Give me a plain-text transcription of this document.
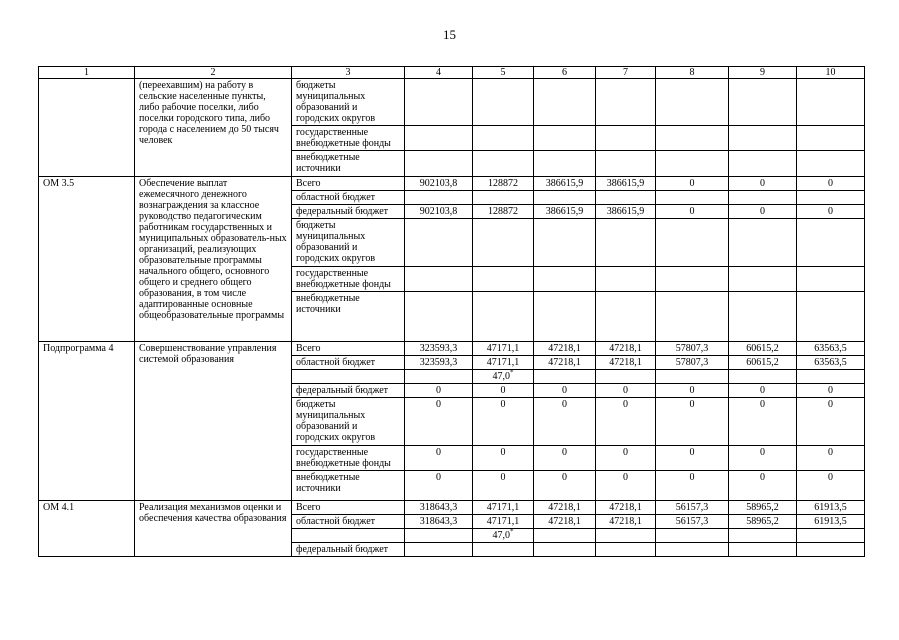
15
1	2	3	4	5	6	7	8	9	10
	(переехавшим) на работу в сельские населенные пункты, либо рабочие поселки, либо поселки городского типа, либо города с населением до 50 тысяч человек	бюджеты муниципальных образований и городских округов							
		государственные внебюджетные фонды							
		внебюджетные источники							
ОМ 3.5	Обеспечение выплат ежемесячного денежного вознаграждения за классное руководство педагогическим работникам государственных и муниципальных образователь-ных организаций, реализующих образовательные программы начального общего, основного общего и среднего общего образования, в том числе адаптированные основные общеобразовательные программы	Всего	902103,8	128872	386615,9	386615,9	0	0	0
		областной бюджет							
		федеральный бюджет	902103,8	128872	386615,9	386615,9	0	0	0
		бюджеты муниципальных образований и городских округов							
		государственные внебюджетные фонды							
		внебюджетные источники							
Подпрограмма 4	Совершенствование управления системой образования	Всего	323593,3	47171,1	47218,1	47218,1	57807,3	60615,2	63563,5
		областной бюджет	323593,3	47171,1	47218,1	47218,1	57807,3	60615,2	63563,5
				47,0*					
		федеральный бюджет	0	0	0	0	0	0	0
		бюджеты муниципальных образований и городских округов	0	0	0	0	0	0	0
		государственные внебюджетные фонды	0	0	0	0	0	0	0
		внебюджетные источники	0	0	0	0	0	0	0
ОМ 4.1	Реализация механизмов оценки и обеспечения качества образования	Всего	318643,3	47171,1	47218,1	47218,1	56157,3	58965,2	61913,5
		областной бюджет	318643,3	47171,1	47218,1	47218,1	56157,3	58965,2	61913,5
				47,0*					
		федеральный бюджет							
